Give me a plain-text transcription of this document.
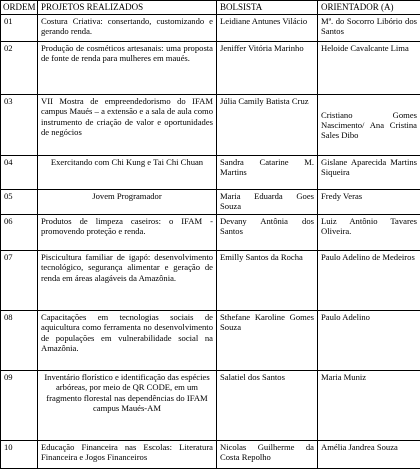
ORDEM	PROJETOS REALIZADOS	BOLSISTA	ORIENTADOR (A)
01	Costura Criativa: consertando, customizando e gerando renda.	Leidiane Antunes Vilácio	Mª. do Socorro Libório dos Santos
02	Produção de cosméticos artesanais: uma proposta de fonte de renda para mulheres em maués.	Jeniffer Vitória Marinho	Heloide Cavalcante Lima
03	VII Mostra de empreendedorismo do IFAM campus Maués – a extensão e a sala de aula como instrumento de criação de valor e oportunidades de negócios	Júlia Camily Batista Cruz	Cristiano Gomes Nascimento/ Ana Cristina Sales Dibo
04	Exercitando com Chi Kung e Tai Chi Chuan	Sandra Catarine M. Martins	Gislane Aparecida Martins Siqueira
05	Jovem Programador	Maria Eduarda Goes Souza	Fredy Veras
06	Produtos de limpeza caseiros: o IFAM - promovendo proteção e renda.	Devany Antônia dos Santos	Luiz Antônio Tavares Oliveira.
07	Piscicultura familiar de igapó: desenvolvimento tecnológico, segurança alimentar e geração de renda em áreas alagáveis da Amazônia.	Emilly Santos da Rocha	Paulo Adelino de Medeiros
08	Capacitações em tecnologias sociais de aquicultura como ferramenta no desenvolvimento de populações em vulnerabilidade social na Amazônia.	Sthefane Karoline Gomes Souza	Paulo Adelino
09	Inventário florístico e identificação das espécies arbóreas, por meio de QR CODE, em um fragmento florestal nas dependências do IFAM campus Maués-AM	Salatiel dos Santos	Maria Muniz
10	Educação Financeira nas Escolas: Literatura Financeira e Jogos Financeiros	Nicolas Guilherme da Costa Repolho	Amélia Jandrea Souza
